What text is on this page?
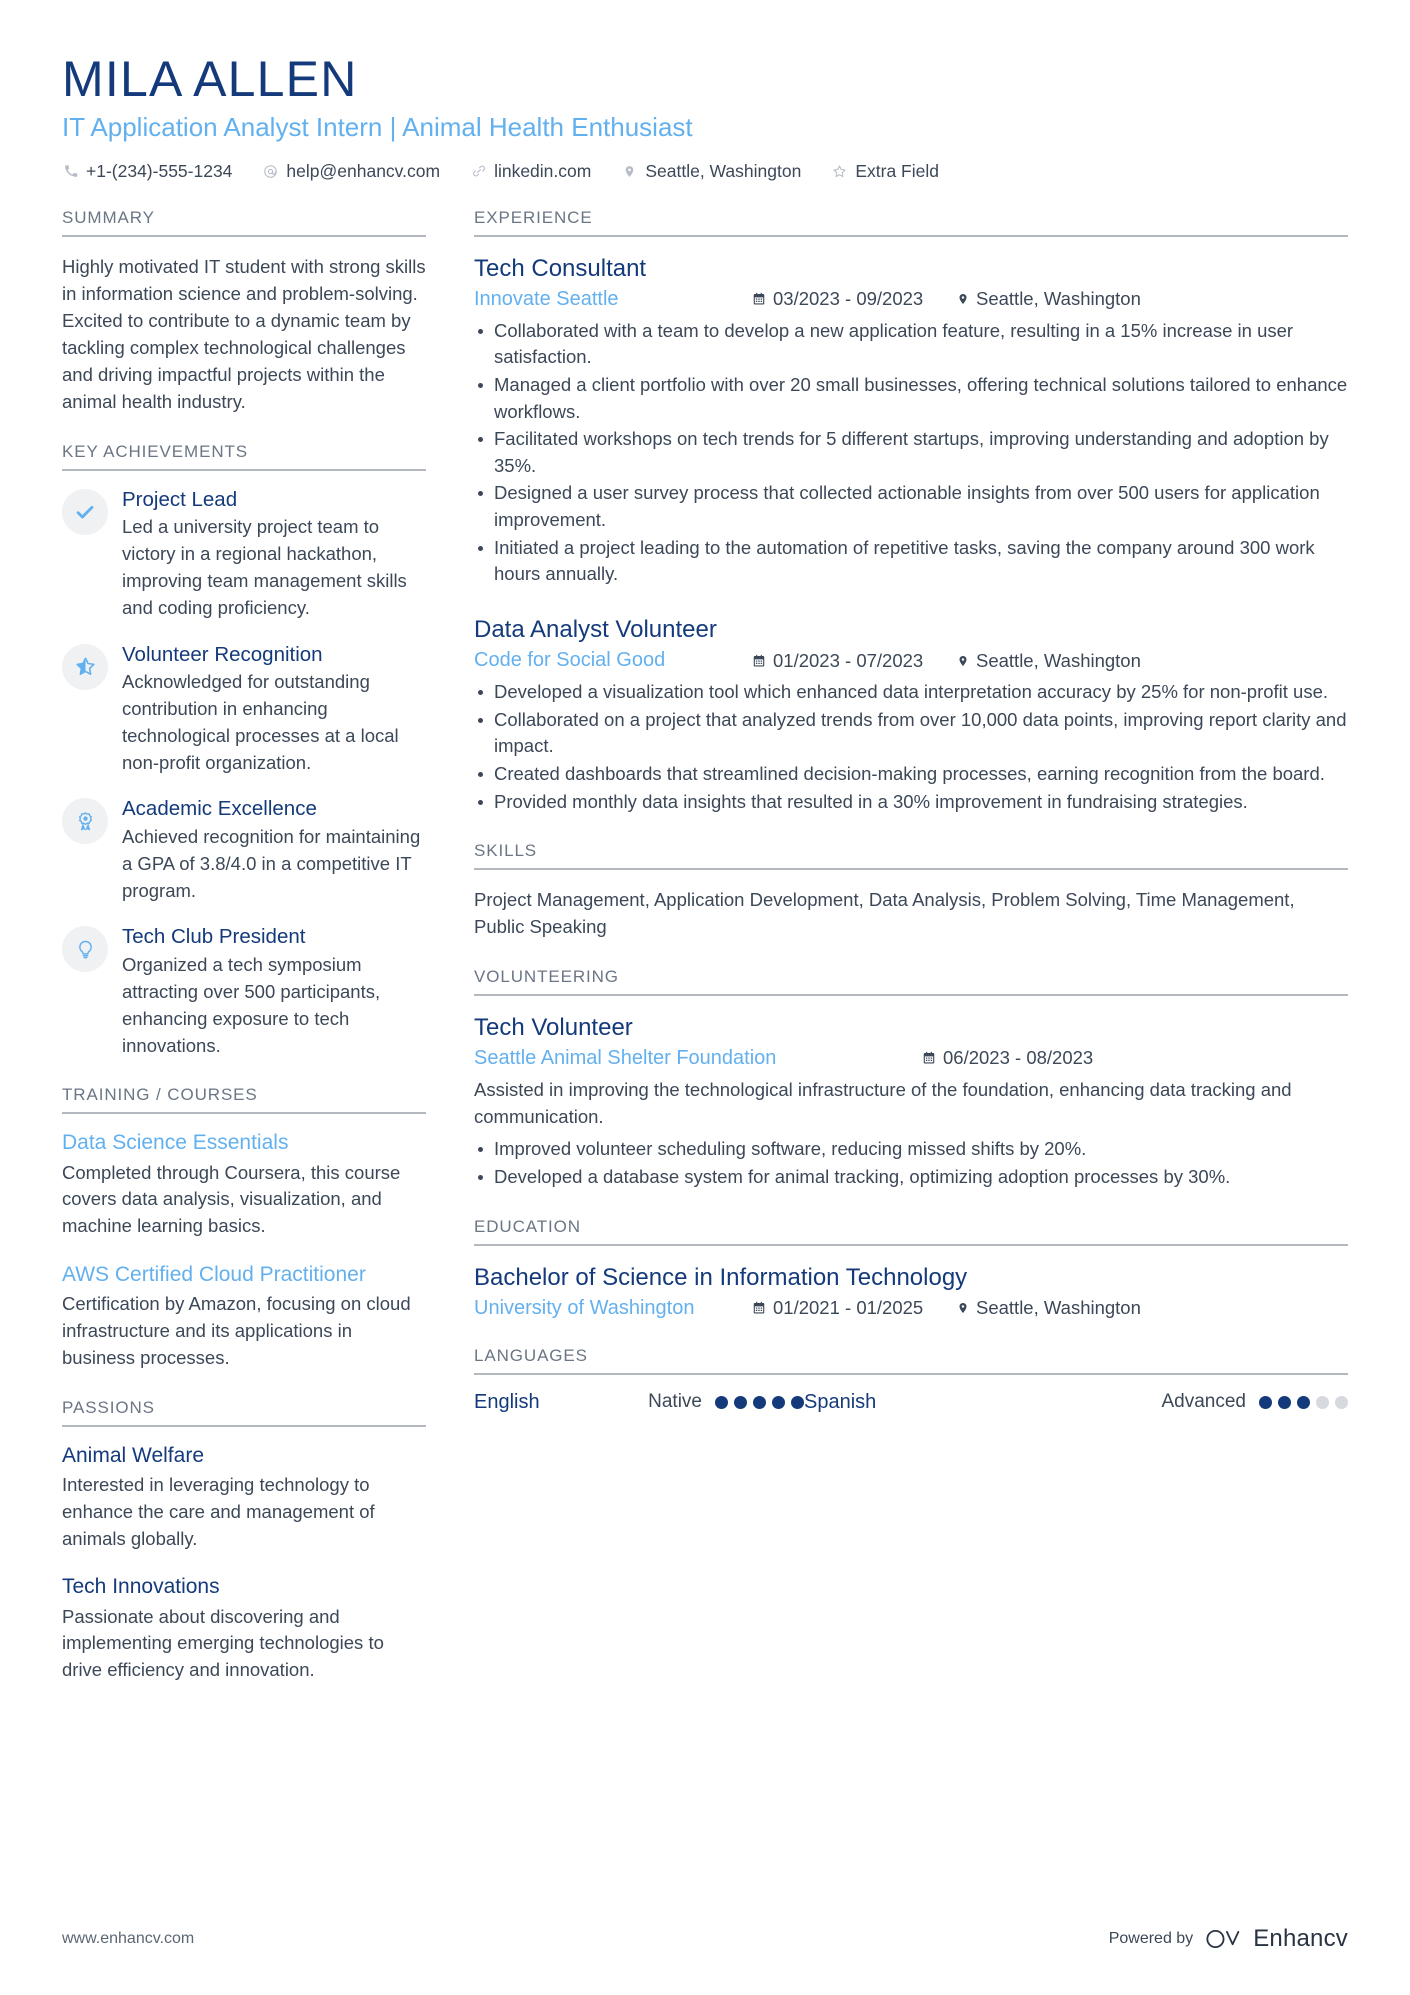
MILA ALLEN
IT Application Analyst Intern | Animal Health Enthusiast
+1-(234)-555-1234	help@enhancv.com	linkedin.com	Seattle, Washington	Extra Field
SUMMARY
Highly motivated IT student with strong skills in information science and problem-solving. Excited to contribute to a dynamic team by tackling complex technological challenges and driving impactful projects within the animal health industry.
KEY ACHIEVEMENTS
Project Lead
Led a university project team to victory in a regional hackathon, improving team management skills and coding proficiency.
Volunteer Recognition
Acknowledged for outstanding contribution in enhancing technological processes at a local non-profit organization.
Academic Excellence
Achieved recognition for maintaining a GPA of 3.8/4.0 in a competitive IT program.
Tech Club President
Organized a tech symposium attracting over 500 participants, enhancing exposure to tech innovations.
TRAINING / COURSES
Data Science Essentials
Completed through Coursera, this course covers data analysis, visualization, and machine learning basics.
AWS Certified Cloud Practitioner
Certification by Amazon, focusing on cloud infrastructure and its applications in business processes.
PASSIONS
Animal Welfare
Interested in leveraging technology to enhance the care and management of animals globally.
Tech Innovations
Passionate about discovering and implementing emerging technologies to drive efficiency and innovation.
EXPERIENCE
Tech Consultant
Innovate Seattle	03/2023 - 09/2023	Seattle, Washington
Collaborated with a team to develop a new application feature, resulting in a 15% increase in user satisfaction.
Managed a client portfolio with over 20 small businesses, offering technical solutions tailored to enhance workflows.
Facilitated workshops on tech trends for 5 different startups, improving understanding and adoption by 35%.
Designed a user survey process that collected actionable insights from over 500 users for application improvement.
Initiated a project leading to the automation of repetitive tasks, saving the company around 300 work hours annually.
Data Analyst Volunteer
Code for Social Good	01/2023 - 07/2023	Seattle, Washington
Developed a visualization tool which enhanced data interpretation accuracy by 25% for non-profit use.
Collaborated on a project that analyzed trends from over 10,000 data points, improving report clarity and impact.
Created dashboards that streamlined decision-making processes, earning recognition from the board.
Provided monthly data insights that resulted in a 30% improvement in fundraising strategies.
SKILLS
Project Management, Application Development, Data Analysis, Problem Solving, Time Management, Public Speaking
VOLUNTEERING
Tech Volunteer
Seattle Animal Shelter Foundation	06/2023 - 08/2023
Assisted in improving the technological infrastructure of the foundation, enhancing data tracking and communication.
Improved volunteer scheduling software, reducing missed shifts by 20%.
Developed a database system for animal tracking, optimizing adoption processes by 30%.
EDUCATION
Bachelor of Science in Information Technology
University of Washington	01/2021 - 01/2025	Seattle, Washington
LANGUAGES
English	Native	Spanish	Advanced
www.enhancv.com	Powered by	Enhancv
